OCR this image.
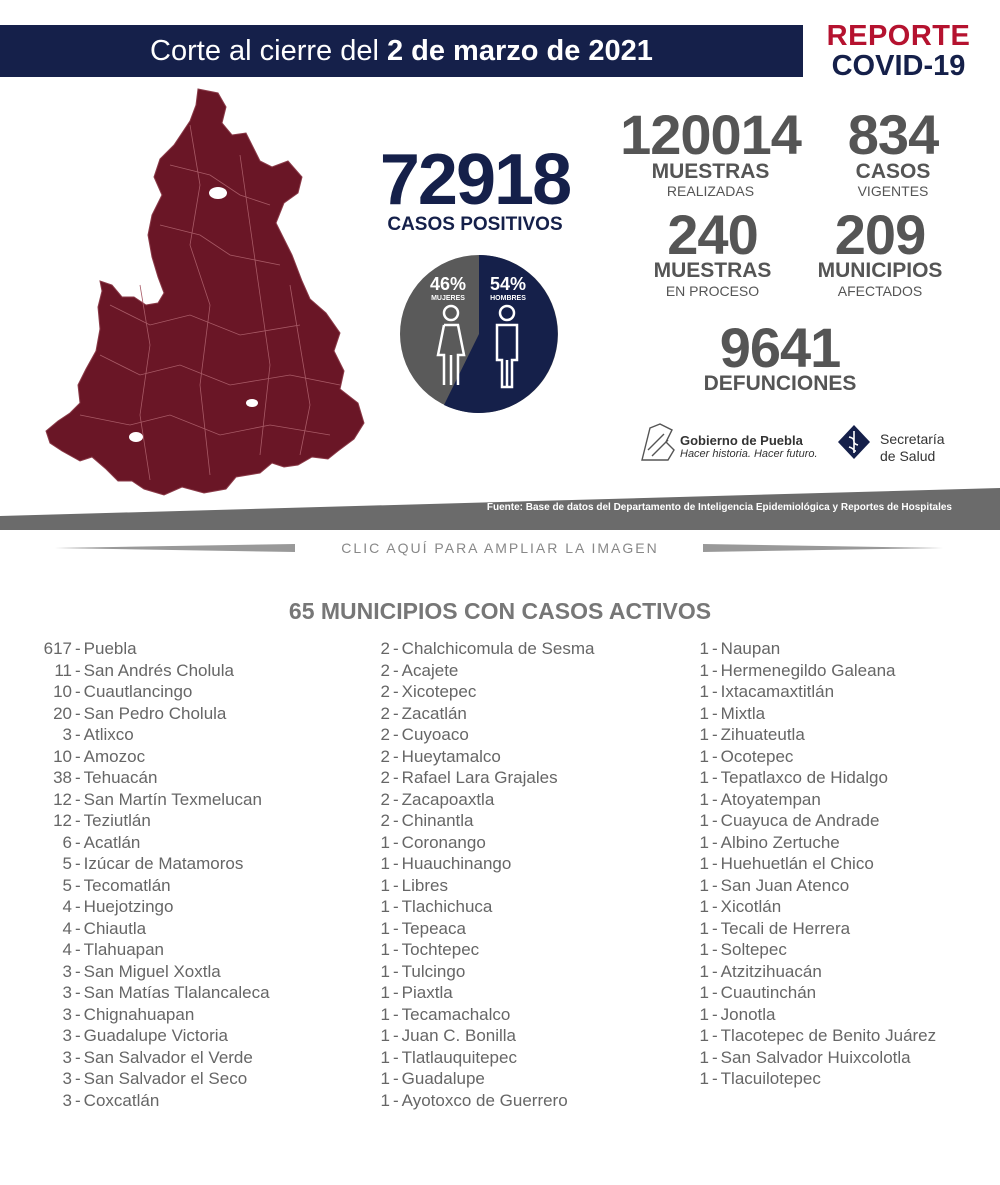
Corte al cierre del 2 de marzo de 2021	REPORTE
COVID-19
72918
CASOS POSITIVOS
46%
MUJERES
54%
HOMBRES
120014
MUESTRAS
REALIZADAS
834
CASOS
VIGENTES
240
MUESTRAS
EN PROCESO
209
MUNICIPIOS
AFECTADOS
9641
DEFUNCIONES
Gobierno de Puebla
Hacer historia. Hacer futuro.
Secretaría
de Salud
Fuente: Base de datos del Departamento de Inteligencia Epidemiológica y Reportes de Hospitales
CLIC AQUÍ PARA AMPLIAR LA IMAGEN
65 MUNICIPIOS CON CASOS ACTIVOS
617 - Puebla
11 - San Andrés Cholula
10 - Cuautlancingo
20 - San Pedro Cholula
3 - Atlixco
10 - Amozoc
38 - Tehuacán
12 - San Martín Texmelucan
12 - Teziutlán
6 - Acatlán
5 - Izúcar de Matamoros
5 - Tecomatlán
4 - Huejotzingo
4 - Chiautla
4 - Tlahuapan
3 - San Miguel Xoxtla
3 - San Matías Tlalancaleca
3 - Chignahuapan
3 - Guadalupe Victoria
3 - San Salvador el Verde
3 - San Salvador el Seco
3 - Coxcatlán
2 - Chalchicomula de Sesma
2 - Acajete
2 - Xicotepec
2 - Zacatlán
2 - Cuyoaco
2 - Hueytamalco
2 - Rafael Lara Grajales
2 - Zacapoaxtla
2 - Chinantla
1 - Coronango
1 - Huauchinango
1 - Libres
1 - Tlachichuca
1 - Tepeaca
1 - Tochtepec
1 - Tulcingo
1 - Piaxtla
1 - Tecamachalco
1 - Juan C. Bonilla
1 - Tlatlauquitepec
1 - Guadalupe
1 - Ayotoxco de Guerrero
1 - Naupan
1 - Hermenegildo Galeana
1 - Ixtacamaxtitlán
1 - Mixtla
1 - Zihuateutla
1 - Ocotepec
1 - Tepatlaxco de Hidalgo
1 - Atoyatempan
1 - Cuayuca de Andrade
1 - Albino Zertuche
1 - Huehuetlán el Chico
1 - San Juan Atenco
1 - Xicotlán
1 - Tecali de Herrera
1 - Soltepec
1 - Atzitzihuacán
1 - Cuautinchán
1 - Jonotla
1 - Tlacotepec de Benito Juárez
1 - San Salvador Huixcolotla
1 - Tlacuilotepec
